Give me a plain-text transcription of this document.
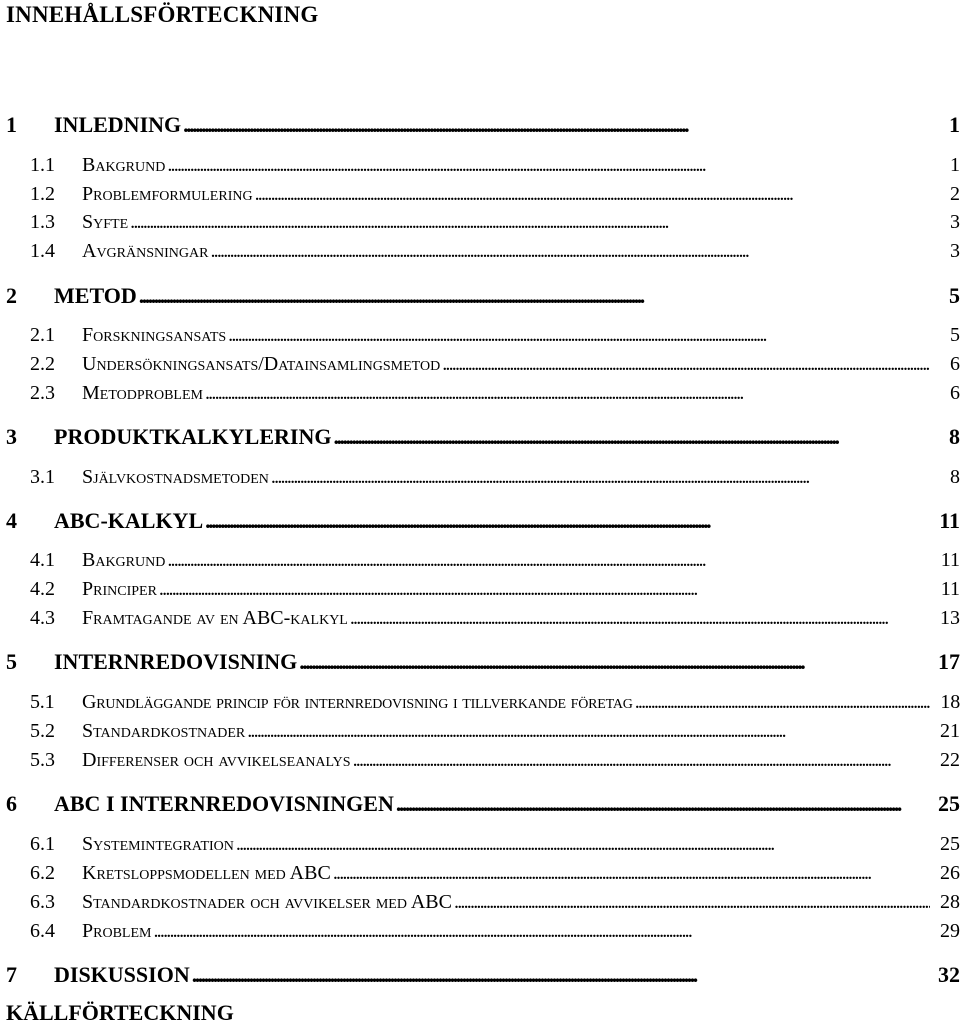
INNEHÅLLSFÖRTECKNING
1	INLEDNING . . .	1
1.1	Bakgrund . . .	1
1.2	Problemformulering . . .	2
1.3	Syfte . . .	3
1.4	Avgränsningar . . .	3
2	METOD . . .	5
2.1	Forskningsansats . . .	5
2.2	Undersökningsansats/Datainsamlingsmetod . . .	6
2.3	Metodproblem . . .	6
3	PRODUKTKALKYLERING . . .	8
3.1	Självkostnadsmetoden . . .	8
4	ABC-KALKYL . . .	11
4.1	Bakgrund . . .	11
4.2	Principer . . .	11
4.3	Framtagande av en ABC-kalkyl . . .	13
5	INTERNREDOVISNING . . .	17
5.1	Grundläggande princip för internredovisning i tillverkande företag . . .	18
5.2	Standardkostnader . . .	21
5.3	Differenser och avvikelseanalys . . .	22
6	ABC I INTERNREDOVISNINGEN . . .	25
6.1	Systemintegration . . .	25
6.2	Kretsloppsmodellen med ABC . . .	26
6.3	Standardkostnader och avvikelser med ABC . . .	28
6.4	Problem . . .	29
7	DISKUSSION . . .	32
KÄLLFÖRTECKNING
